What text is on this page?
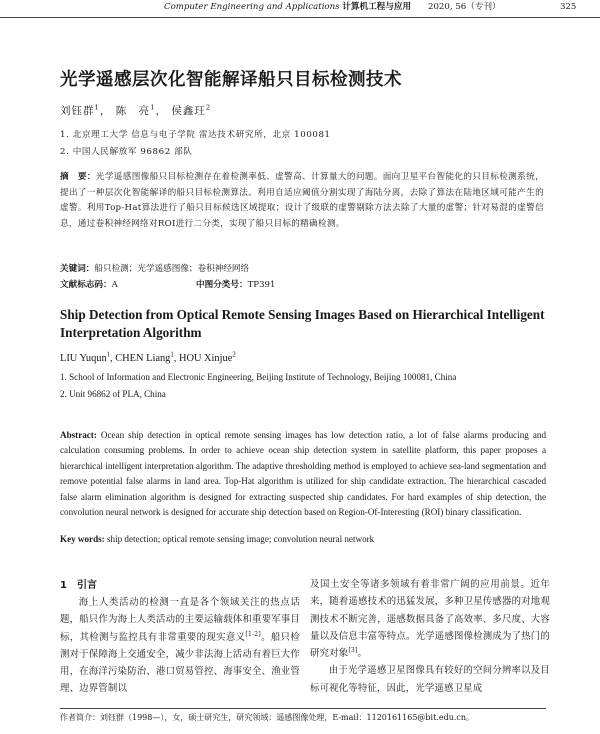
Computer Engineering and Applications 计算机工程与应用 2020, 56（专刊）	325
光学遥感层次化智能解译船只目标检测技术
刘钰群$^1$， 陈　亮$^1$， 侯鑫玨$^2$
1. 北京理工大学 信息与电子学院 雷达技术研究所，北京 100081
2. 中国人民解放军 96862 部队
摘　要：光学遥感图像船只目标检测存在着检测率低、虚警高、计算量大的问题。面向卫星平台智能化的只目标检测系统，提出了一种层次化智能解译的船只目标检测算法。利用自适应阈值分割实现了海陆分离，去除了算法在陆地区域可能产生的虚警。利用Top-Hat算法进行了船只目标候选区域提取；设计了级联的虚警剔除方法去除了大量的虚警；针对易混的虚警信息，通过卷积神经网络对ROI进行二分类，实现了船只目标的精确检测。
关键词：船只检测；光学遥感图像；卷积神经网络
文献标志码：A	中图分类号：TP391
Ship Detection from Optical Remote Sensing Images Based on Hierarchical Intelligent Interpretation Algorithm
LIU Yuqun$^1$, CHEN Liang$^1$, HOU Xinjue$^2$
1. School of Information and Electronic Engineering, Beijing Institute of Technology, Beijing 100081, China
2. Unit 96862 of PLA, China
Abstract: Ocean ship detection in optical remote sensing images has low detection ratio, a lot of false alarms producing and calculation consuming problems. In order to achieve ocean ship detection system in satellite platform, this paper proposes a hierarchical intelligent interpretation algorithm. The adaptive thresholding method is employed to achieve sea-land segmentation and remove potential false alarms in land area. Top-Hat algorithm is utilized for ship candidate extraction. The hierarchical cascaded false alarm elimination algorithm is designed for extracting suspected ship candidates. For hard examples of ship detection, the convolution neural network is designed for accurate ship detection based on Region-Of-Interesting (ROI) binary classification.
Key words: ship detection; optical remote sensing image; convolution neural network
1　引言

海上人类活动的检测一直是各个领域关注的热点话题，船只作为海上人类活动的主要运输载体和重要军事目标，其检测与监控具有非常重要的现实意义[1-2]。船只检测对于保障海上交通安全，减少非法海上活动有着巨大作用，在海洋污染防治、港口贸易管控、海事安全、渔业管理、边界管制以

及国土安全等诸多领域有着非常广阔的应用前景。近年来，随着遥感技术的迅猛发展，多种卫星传感器的对地观测技术不断完善，遥感数据具备了高效率、多尺度、大容量以及信息丰富等特点。光学遥感图像检测成为了热门的研究对象[3]。

由于光学遥感卫星图像具有较好的空间分辨率以及目标可视化等特征，因此，光学遥感卫星成

作者简介：刘钰群（1998—），女，硕士研究生，研究领域：遥感图像处理，E-mail：1120161165@bit.edu.cn。
